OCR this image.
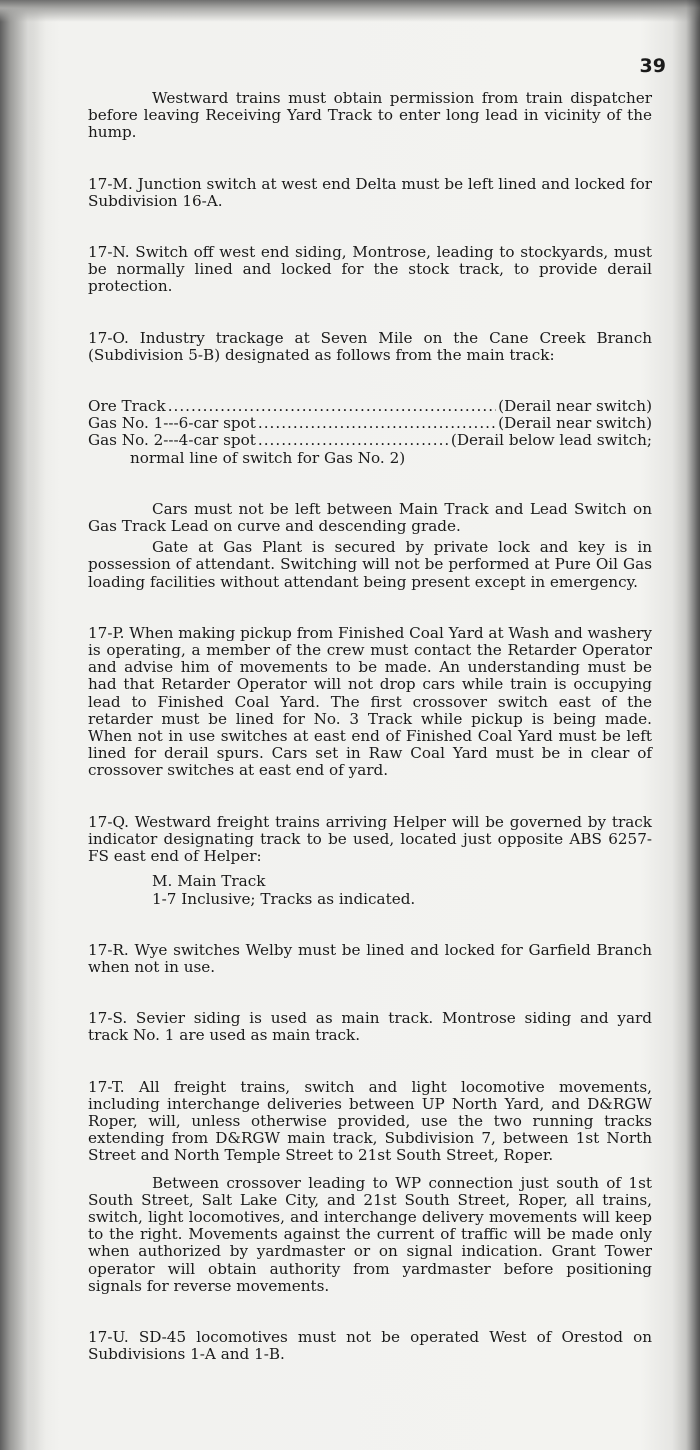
39

Westward trains must obtain permission from train dispatcher before leaving Receiving Yard Track to enter long lead in vicinity of the hump.

17-M. Junction switch at west end Delta must be left lined and locked for Subdivision 16-A.

17-N. Switch off west end siding, Montrose, leading to stockyards, must be normally lined and locked for the stock track, to provide derail protection.

17-O. Industry trackage at Seven Mile on the Cane Creek Branch (Subdivision 5-B) designated as follows from the main track:

Ore Track .....	(Derail near switch)
Gas No. 1---6-car spot .....	(Derail near switch)
Gas No. 2---4-car spot .....	(Derail below lead switch;
normal line of switch for Gas No. 2)

Cars must not be left between Main Track and Lead Switch on Gas Track Lead on curve and descending grade.

Gate at Gas Plant is secured by private lock and key is in possession of attendant. Switching will not be performed at Pure Oil Gas loading facilities without attendant being present except in emergency.

17-P. When making pickup from Finished Coal Yard at Wash and washery is operating, a member of the crew must contact the Retarder Operator and advise him of movements to be made. An understanding must be had that Retarder Operator will not drop cars while train is occupying lead to Finished Coal Yard. The first crossover switch east of the retarder must be lined for No. 3 Track while pickup is being made. When not in use switches at east end of Finished Coal Yard must be left lined for derail spurs. Cars set in Raw Coal Yard must be in clear of crossover switches at east end of yard.

17-Q. Westward freight trains arriving Helper will be governed by track indicator designating track to be used, located just opposite ABS 6257-FS east end of Helper:

M. Main Track
1-7 Inclusive; Tracks as indicated.

17-R. Wye switches Welby must be lined and locked for Garfield Branch when not in use.

17-S. Sevier siding is used as main track. Montrose siding and yard track No. 1 are used as main track.

17-T. All freight trains, switch and light locomotive movements, including interchange deliveries between UP North Yard, and D&RGW Roper, will, unless otherwise provided, use the two running tracks extending from D&RGW main track, Subdivision 7, between 1st North Street and North Temple Street to 21st South Street, Roper.

Between crossover leading to WP connection just south of 1st South Street, Salt Lake City, and 21st South Street, Roper, all trains, switch, light locomotives, and interchange delivery movements will keep to the right. Movements against the current of traffic will be made only when authorized by yardmaster or on signal indication. Grant Tower operator will obtain authority from yardmaster before positioning signals for reverse movements.

17-U. SD-45 locomotives must not be operated West of Orestod on Subdivisions 1-A and 1-B.
